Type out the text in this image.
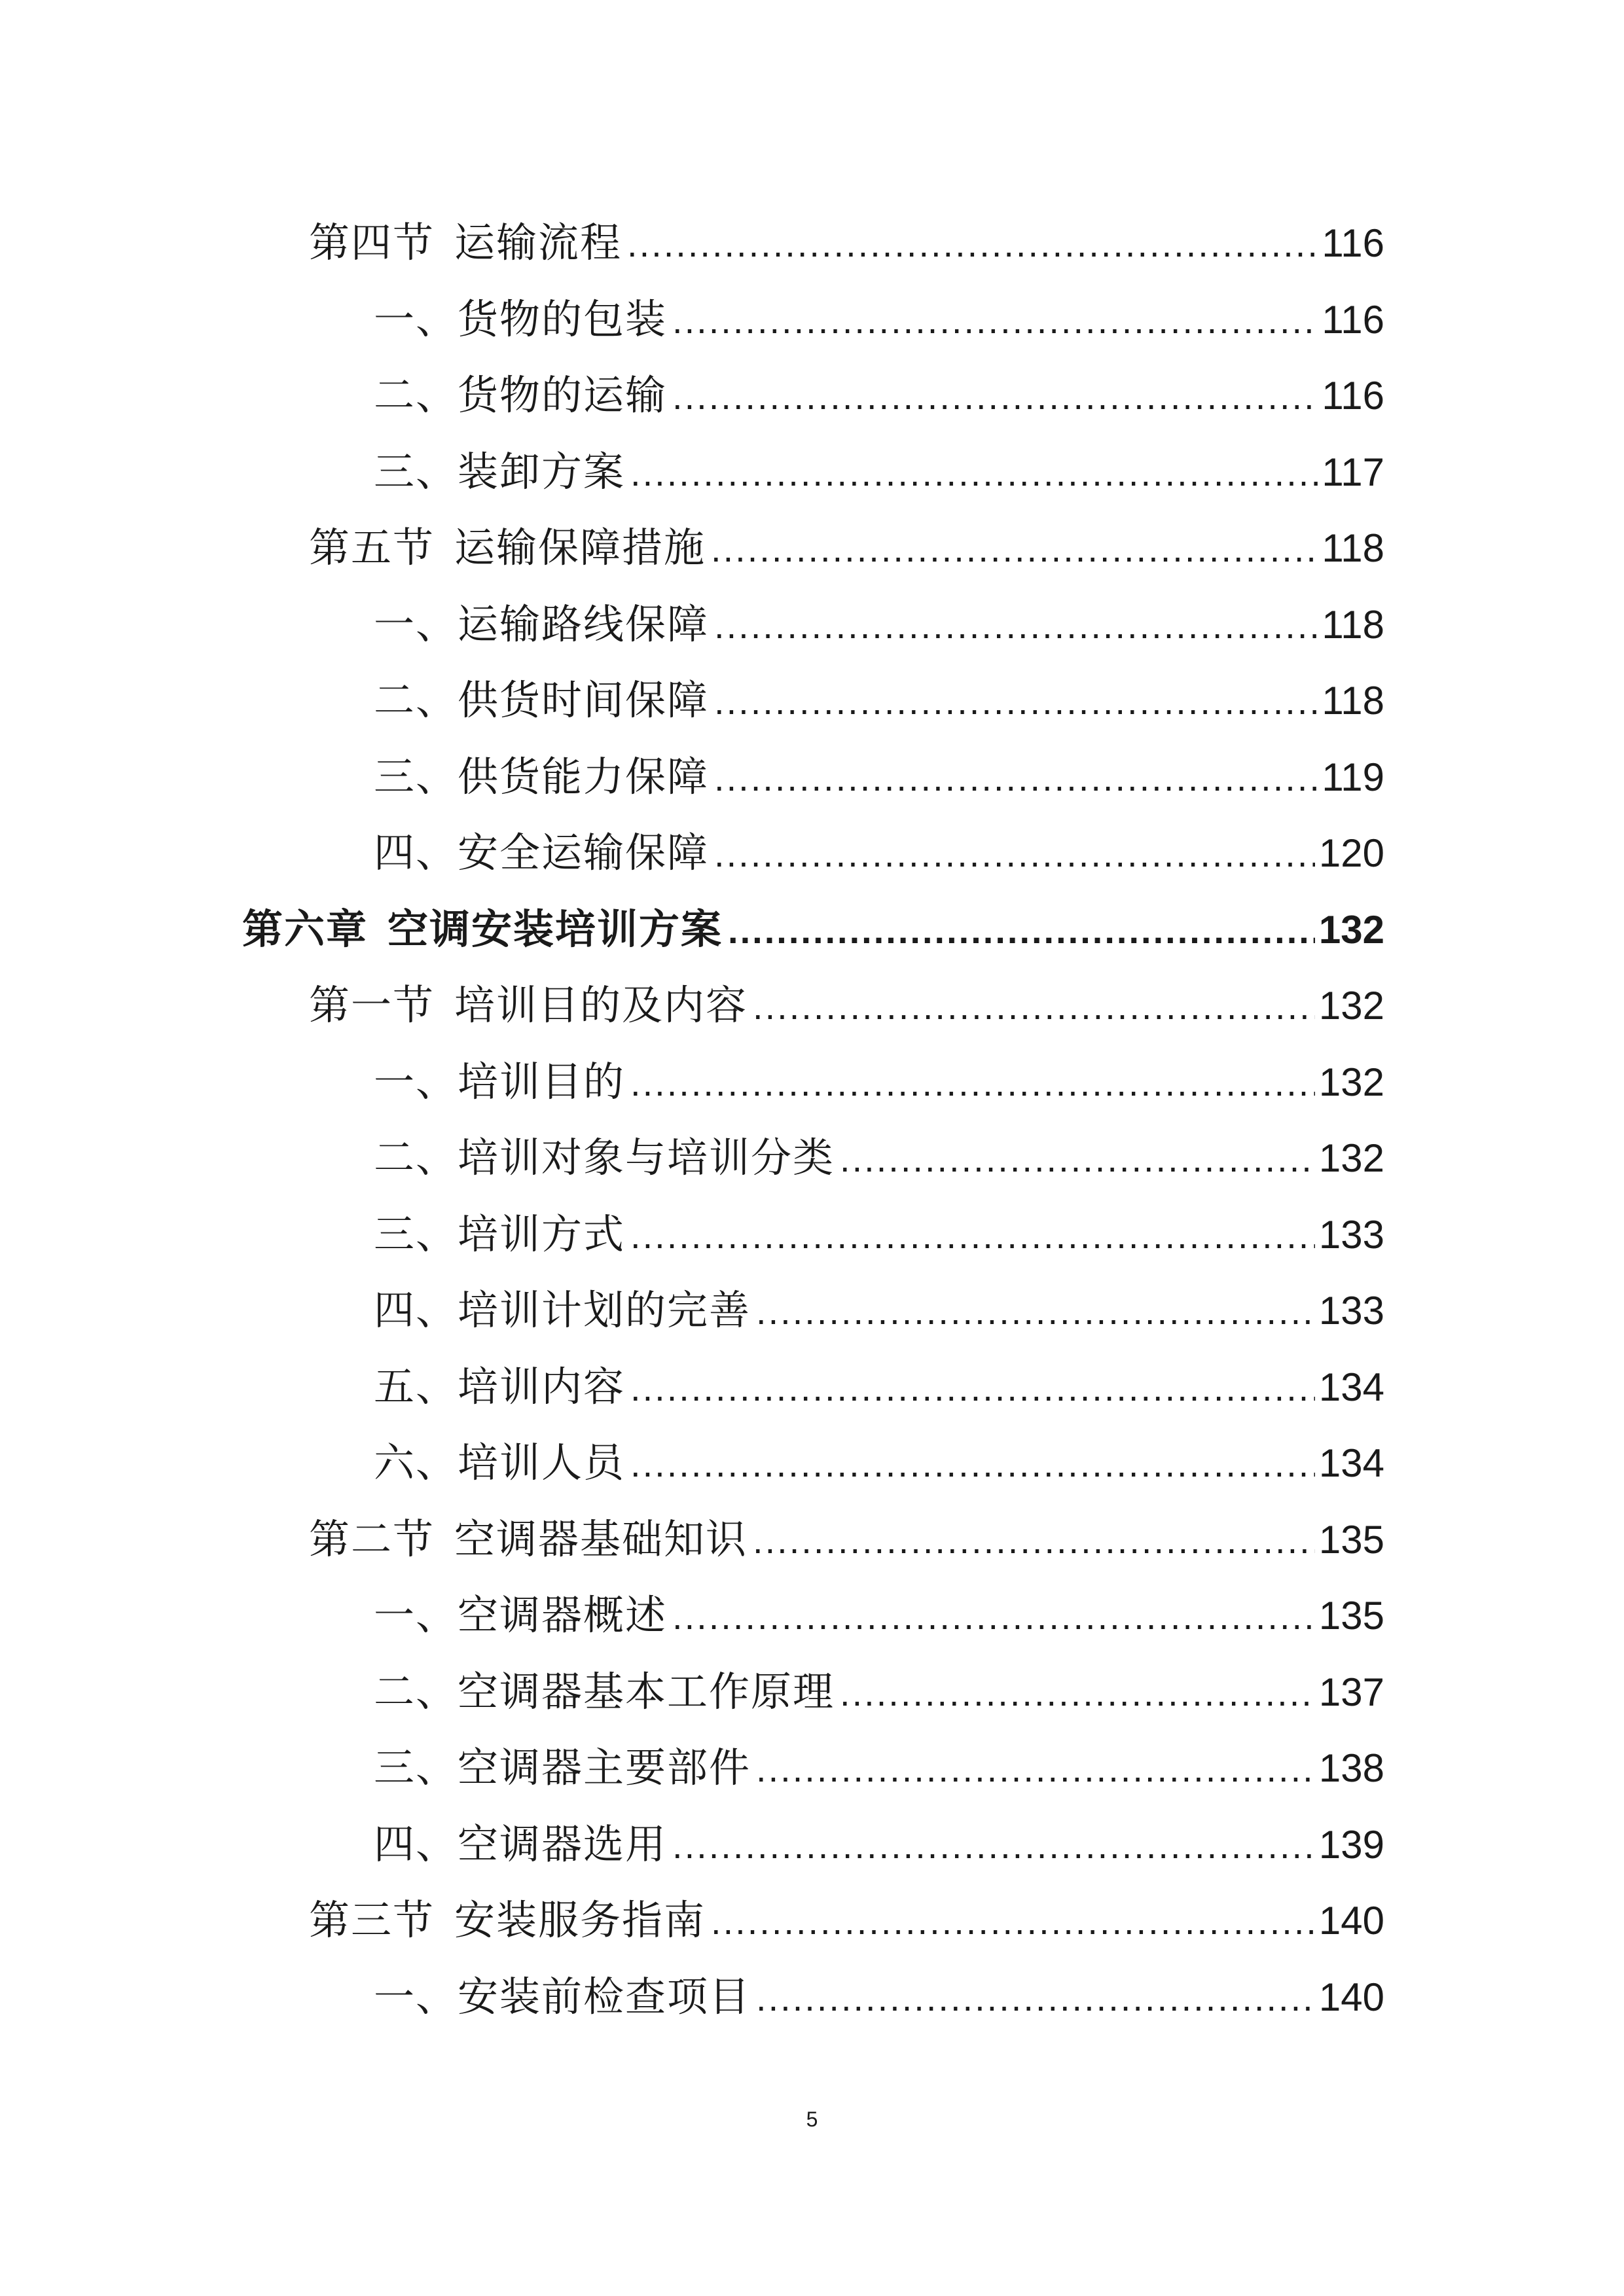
第四节 运输流程 .....	116
一、货物的包装 .....	116
二、货物的运输 .....	116
三、装卸方案 .....	117
第五节 运输保障措施 .....	118
一、运输路线保障 .....	118
二、供货时间保障 .....	118
三、供货能力保障 .....	119
四、安全运输保障 .....	120
第六章 空调安装培训方案 .....	132
第一节 培训目的及内容 .....	132
一、培训目的 .....	132
二、培训对象与培训分类 .....	132
三、培训方式 .....	133
四、培训计划的完善 .....	133
五、培训内容 .....	134
六、培训人员 .....	134
第二节 空调器基础知识 .....	135
一、空调器概述 .....	135
二、空调器基本工作原理 .....	137
三、空调器主要部件 .....	138
四、空调器选用 .....	139
第三节 安装服务指南 .....	140
一、安装前检查项目 .....	140
5
